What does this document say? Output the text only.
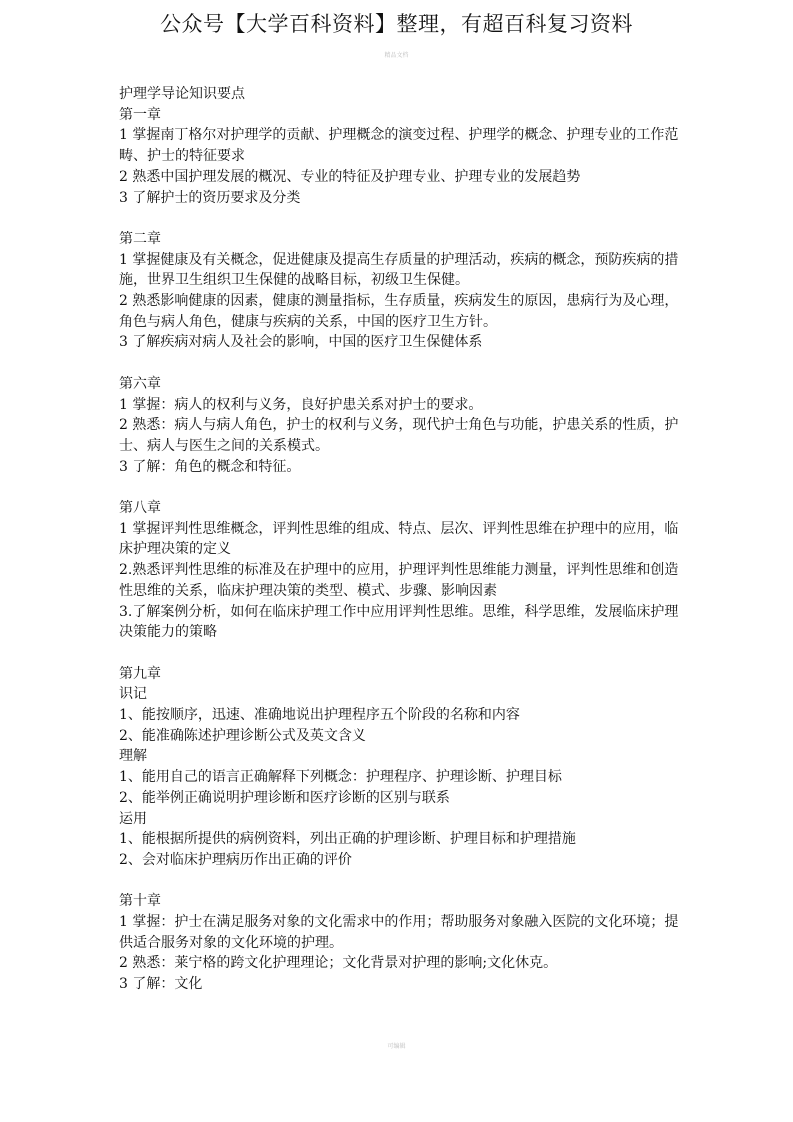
公众号【大学百科资料】整理，有超百科复习资料
精品文档

护理学导论知识要点

第一章

1 掌握南丁格尔对护理学的贡献、护理概念的演变过程、护理学的概念、护理专业的工作范畴、护士的特征要求

2 熟悉中国护理发展的概况、专业的特征及护理专业、护理专业的发展趋势

3 了解护士的资历要求及分类

第二章

1 掌握健康及有关概念，促进健康及提高生存质量的护理活动，疾病的概念，预防疾病的措施，世界卫生组织卫生保健的战略目标，初级卫生保健。

2 熟悉影响健康的因素，健康的测量指标，生存质量，疾病发生的原因，患病行为及心理，角色与病人角色，健康与疾病的关系，中国的医疗卫生方针。

3 了解疾病对病人及社会的影响，中国的医疗卫生保健体系

第六章

1 掌握：病人的权利与义务，良好护患关系对护士的要求。

2 熟悉：病人与病人角色，护士的权利与义务，现代护士角色与功能，护患关系的性质，护士、病人与医生之间的关系模式。

3 了解：角色的概念和特征。

第八章

1 掌握评判性思维概念，评判性思维的组成、特点、层次、评判性思维在护理中的应用，临床护理决策的定义

2.熟悉评判性思维的标准及在护理中的应用，护理评判性思维能力测量，评判性思维和创造性思维的关系，临床护理决策的类型、模式、步骤、影响因素

3.了解案例分析，如何在临床护理工作中应用评判性思维。思维，科学思维，发展临床护理决策能力的策略

第九章

识记

1、能按顺序，迅速、准确地说出护理程序五个阶段的名称和内容

2、能准确陈述护理诊断公式及英文含义

理解

1、能用自己的语言正确解释下列概念：护理程序、护理诊断、护理目标

2、能举例正确说明护理诊断和医疗诊断的区别与联系

运用

1、能根据所提供的病例资料，列出正确的护理诊断、护理目标和护理措施

2、会对临床护理病历作出正确的评价

第十章

1 掌握：护士在满足服务对象的文化需求中的作用；帮助服务对象融入医院的文化环境；提供适合服务对象的文化环境的护理。

2 熟悉：莱宁格的跨文化护理理论；文化背景对护理的影响;文化休克。

3 了解：文化

可编辑
